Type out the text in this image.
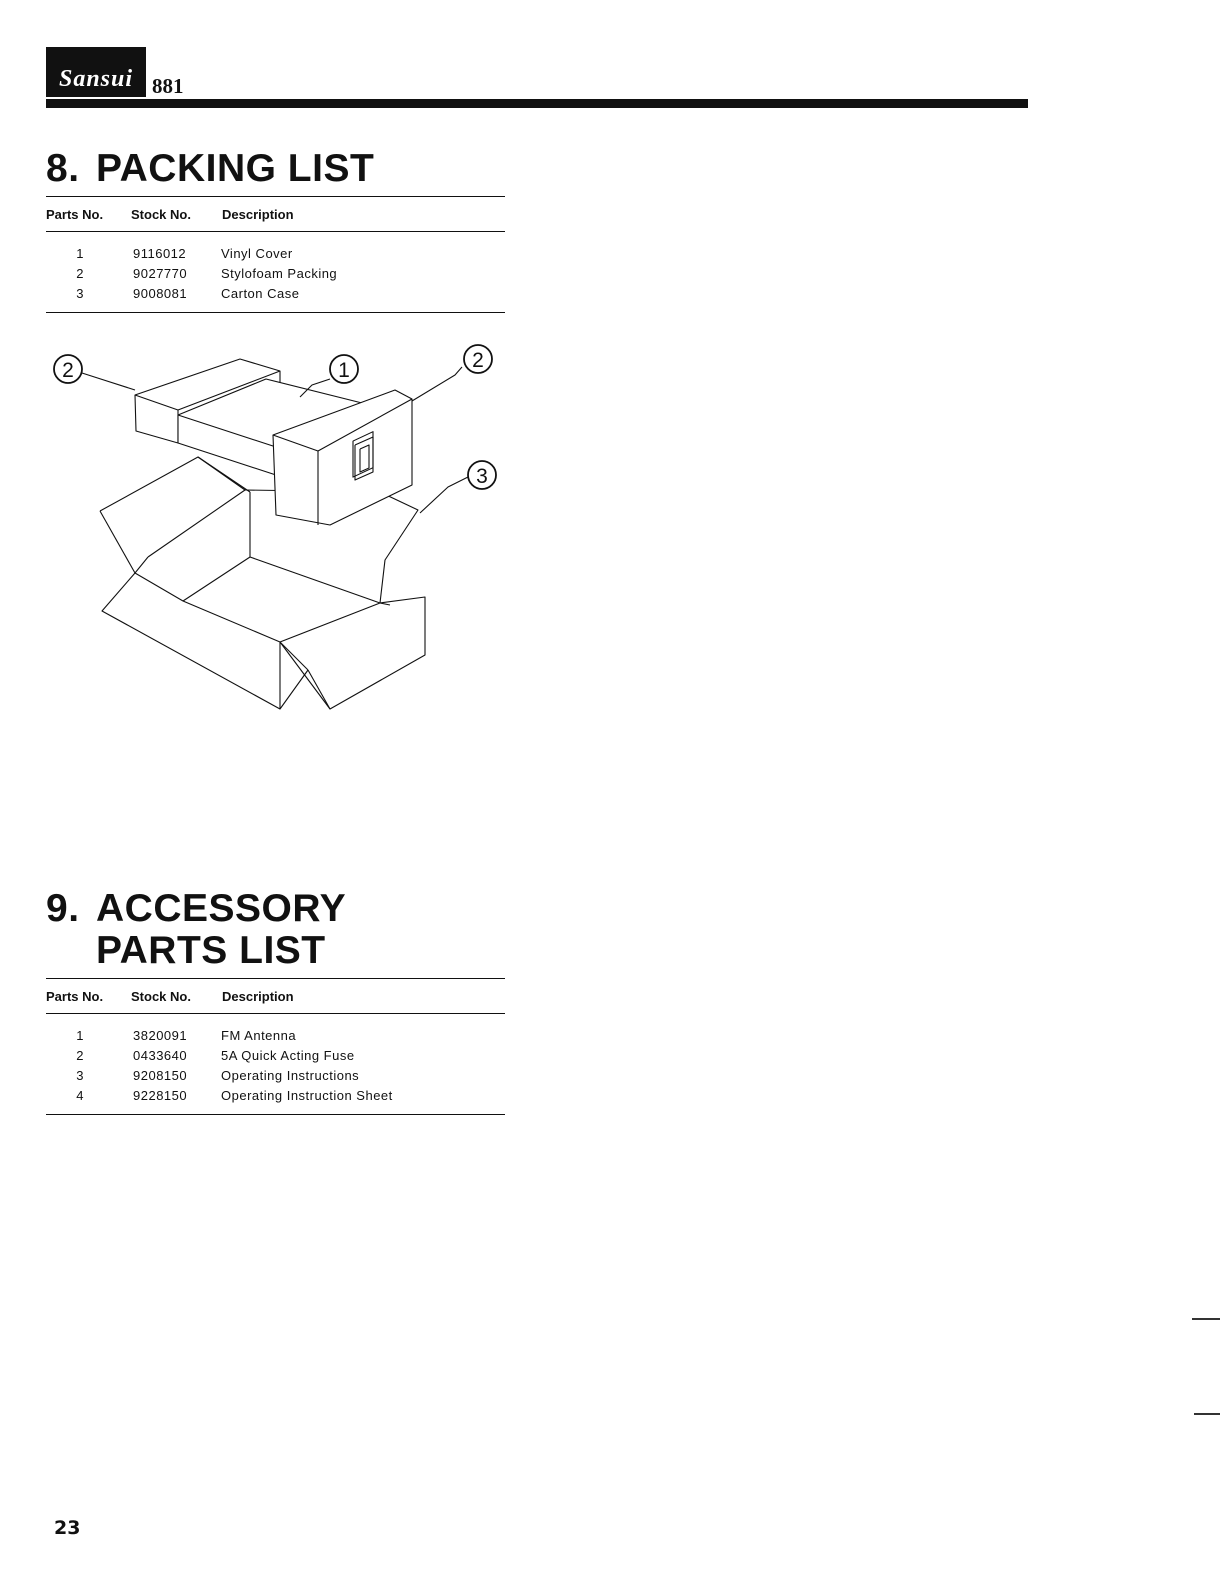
Sansui 881
8. PACKING LIST
Parts No.	Stock No.	Description
1	9116012	Vinyl Cover
2	9027770	Stylofoam Packing
3	9008081	Carton Case
2	1	2
3
9. ACCESSORY
PARTS LIST
Parts No.	Stock No.	Description
1	3820091	FM Antenna
2	0433640	5A Quick Acting Fuse
3	9208150	Operating Instructions
4	9228150	Operating Instruction Sheet
23
